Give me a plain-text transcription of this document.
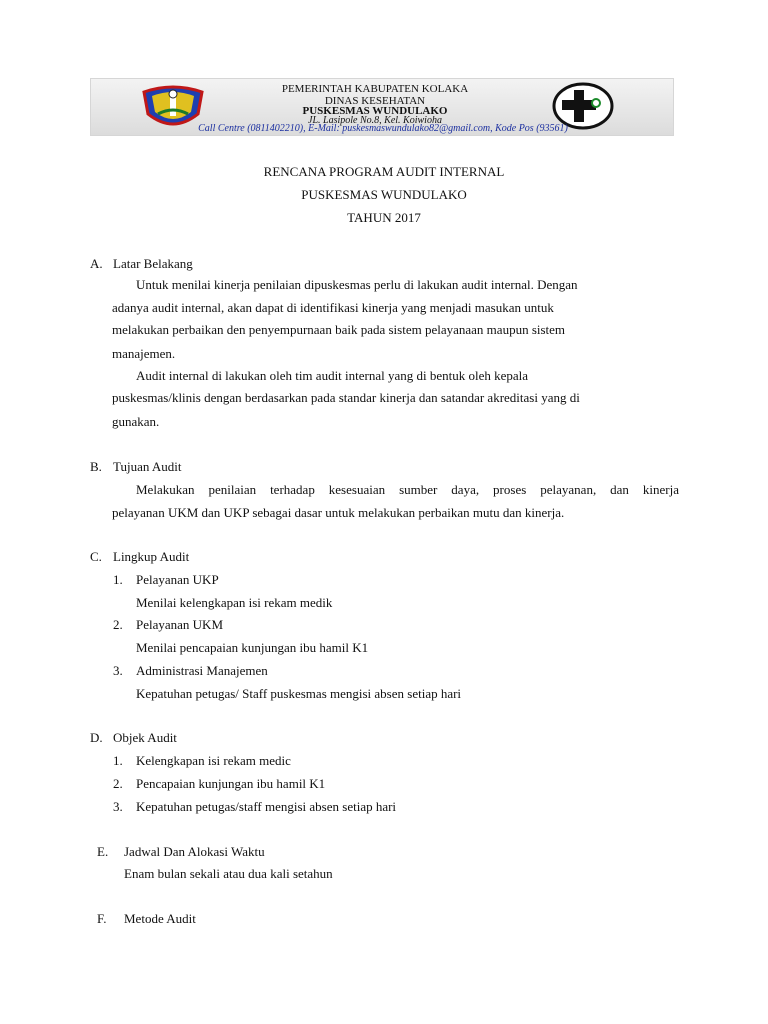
PEMERINTAH KABUPATEN KOLAKA
DINAS KESEHATAN
PUSKESMAS WUNDULAKO
JL. Lasipole No.8, Kel. Koiwioha
Call Centre (0811402210), E-Mail: puskesmaswundulako82@gmail.com, Kode Pos (93561)
RENCANA PROGRAM AUDIT INTERNAL
PUSKESMAS WUNDULAKO
TAHUN 2017
A. Latar Belakang
Untuk menilai kinerja penilaian dipuskesmas perlu di lakukan audit internal. Dengan
adanya audit internal, akan dapat di identifikasi kinerja yang menjadi masukan untuk
melakukan perbaikan den penyempurnaan baik pada sistem pelayanaan maupun sistem
manajemen.
Audit internal di lakukan oleh tim audit internal yang di bentuk oleh kepala
puskesmas/klinis dengan berdasarkan pada standar kinerja dan satandar akreditasi yang di
gunakan.
B. Tujuan Audit
Melakukan penilaian terhadap kesesuaian sumber daya, proses pelayanan, dan kinerja
pelayanan UKM dan UKP sebagai dasar untuk melakukan perbaikan mutu dan kinerja.
C. Lingkup Audit
1. Pelayanan UKP
Menilai kelengkapan isi rekam medik
2. Pelayanan UKM
Menilai pencapaian kunjungan ibu hamil K1
3. Administrasi Manajemen
Kepatuhan petugas/ Staff puskesmas mengisi absen setiap hari
D. Objek Audit
1. Kelengkapan isi rekam medic
2. Pencapaian kunjungan ibu hamil K1
3. Kepatuhan petugas/staff mengisi absen setiap hari
E. Jadwal Dan Alokasi Waktu
Enam bulan sekali atau dua kali setahun
F. Metode Audit
